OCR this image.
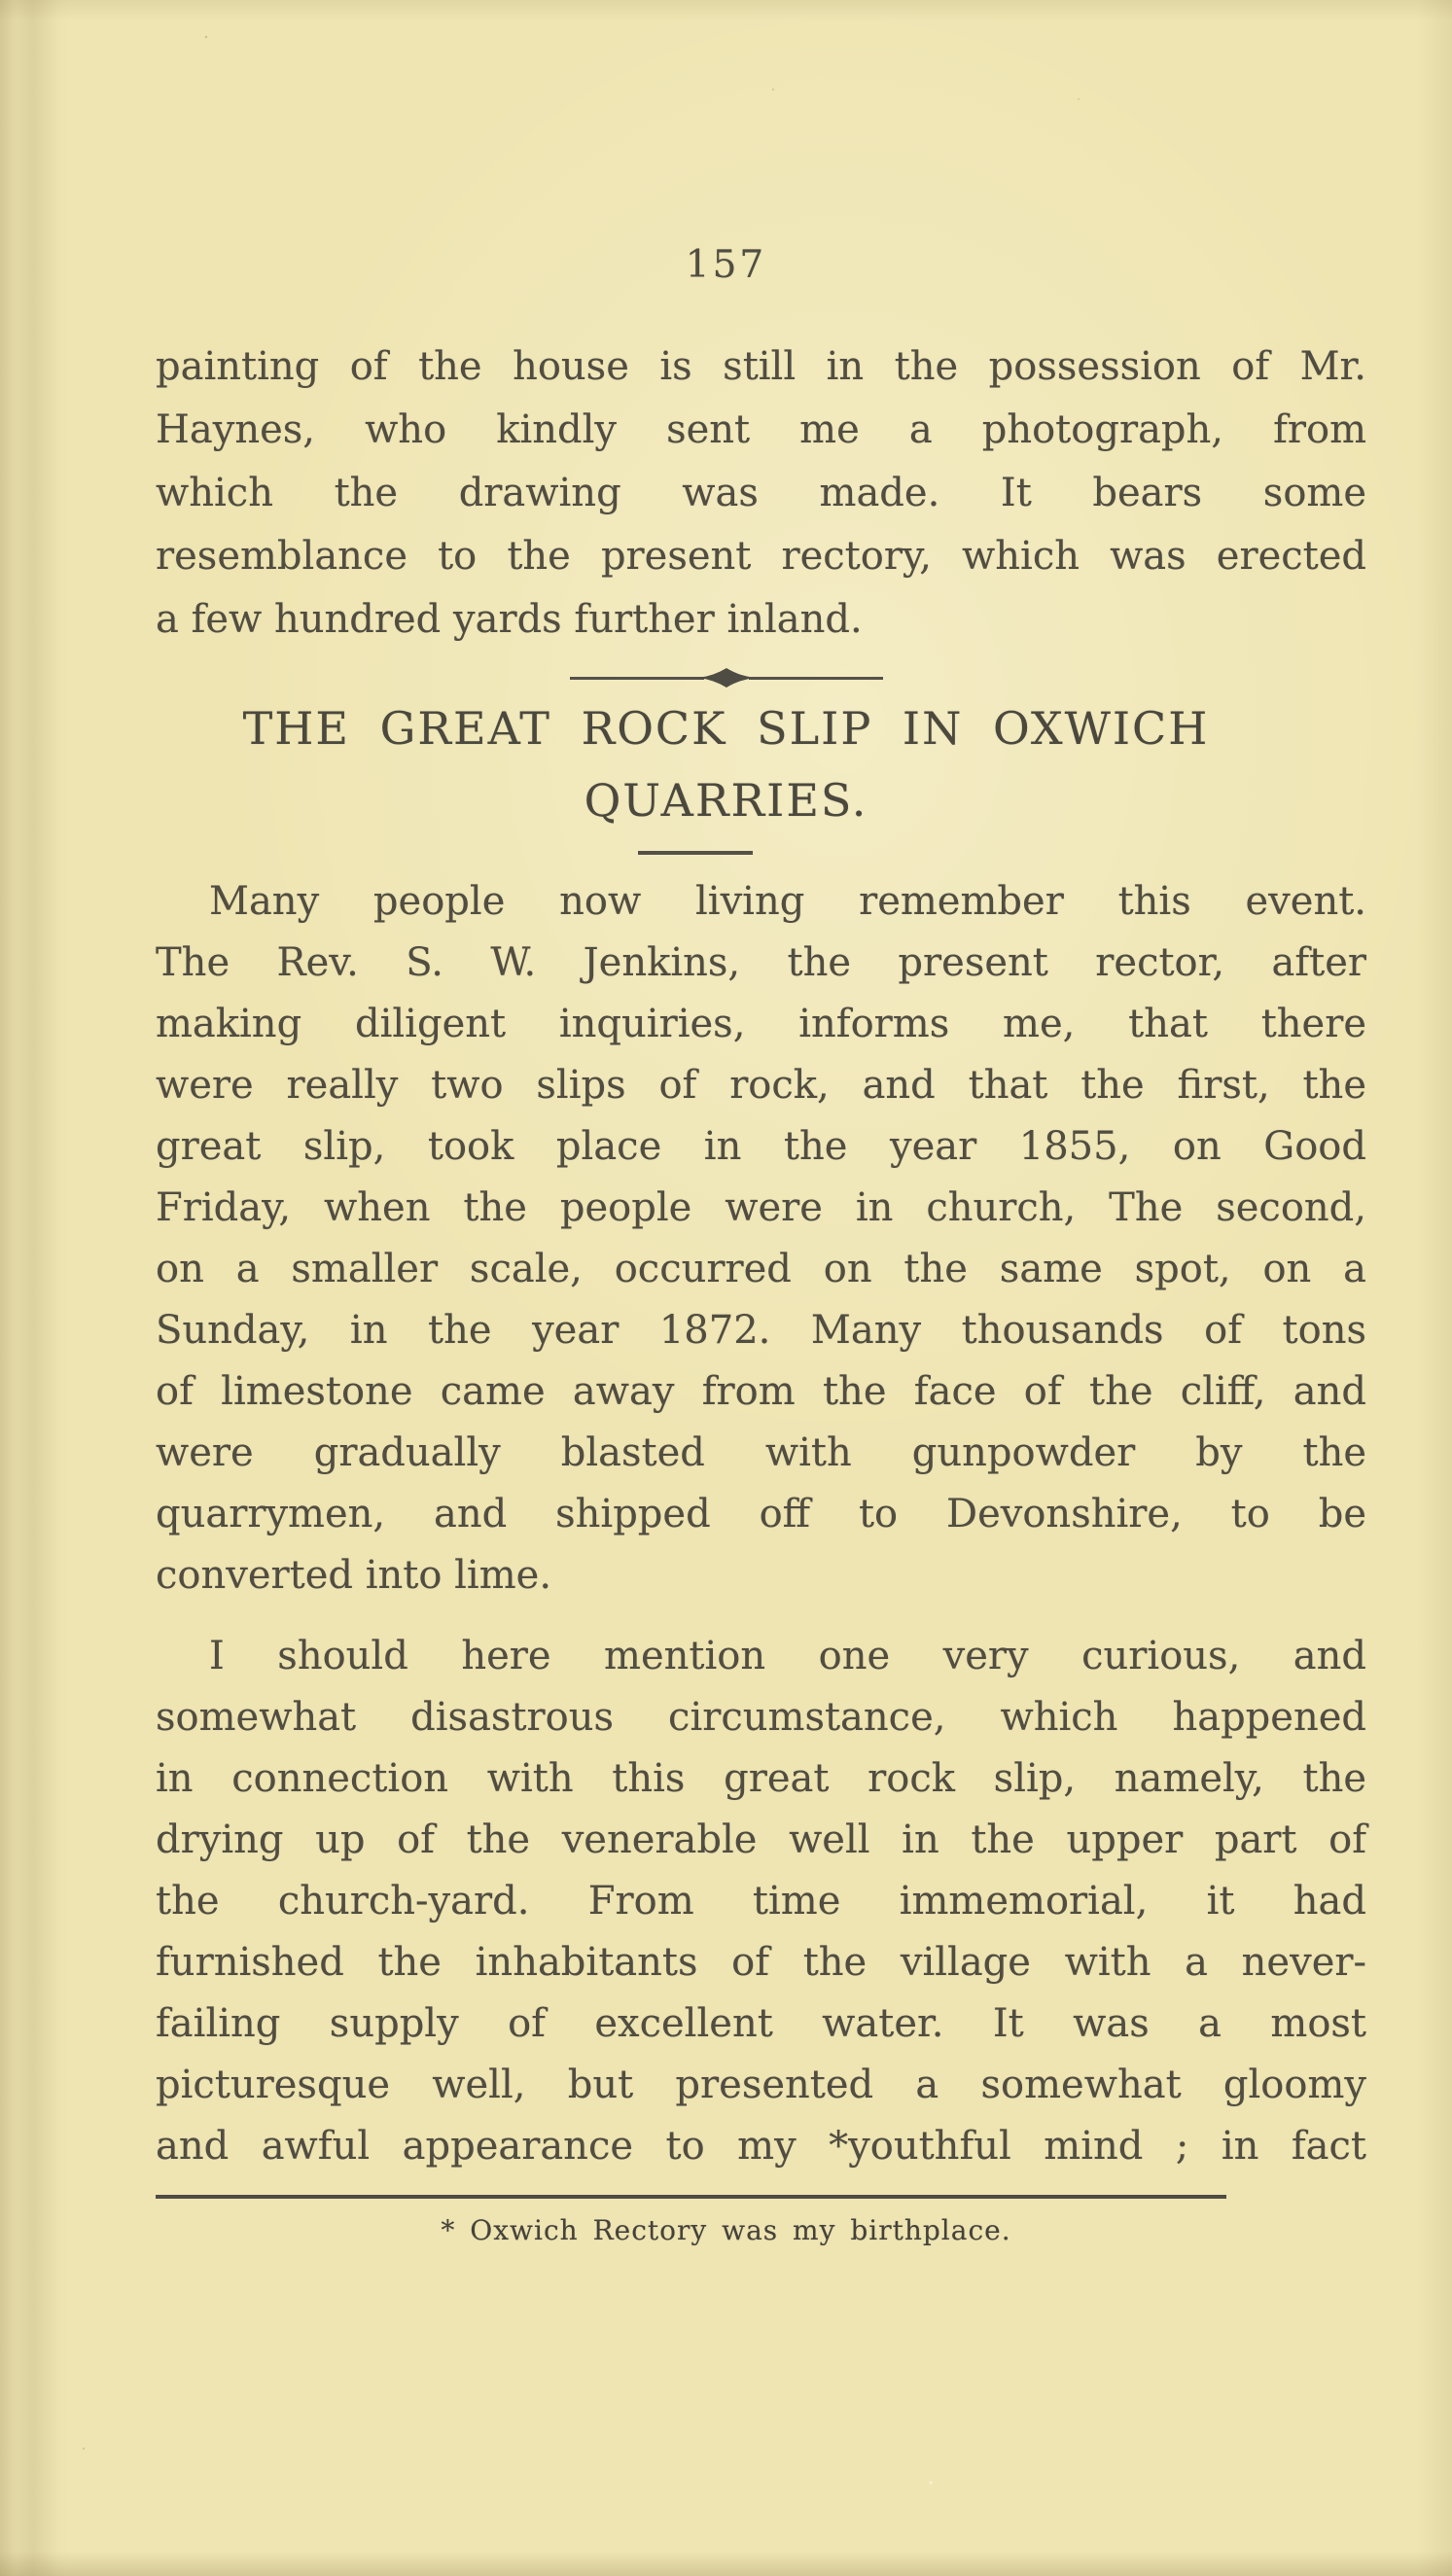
157
painting of the house is still in the possession of Mr.
Haynes, who kindly sent me a photograph, from
which the drawing was made. It bears some
resemblance to the present rectory, which was erected
a few hundred yards further inland.
THE GREAT ROCK SLIP IN OXWICH
QUARRIES.
Many people now living remember this event.
The Rev. S. W. Jenkins, the present rector, after
making diligent inquiries, informs me, that there
were really two slips of rock, and that the first, the
great slip, took place in the year 1855, on Good
Friday, when the people were in church, The second,
on a smaller scale, occurred on the same spot, on a
Sunday, in the year 1872. Many thousands of tons
of limestone came away from the face of the cliff, and
were gradually blasted with gunpowder by the
quarrymen, and shipped off to Devonshire, to be
converted into lime.
I should here mention one very curious, and
somewhat disastrous circumstance, which happened
in connection with this great rock slip, namely, the
drying up of the venerable well in the upper part of
the church-yard. From time immemorial, it had
furnished the inhabitants of the village with a never-
failing supply of excellent water. It was a most
picturesque well, but presented a somewhat gloomy
and awful appearance to my *youthful mind ; in fact
* Oxwich Rectory was my birthplace.
